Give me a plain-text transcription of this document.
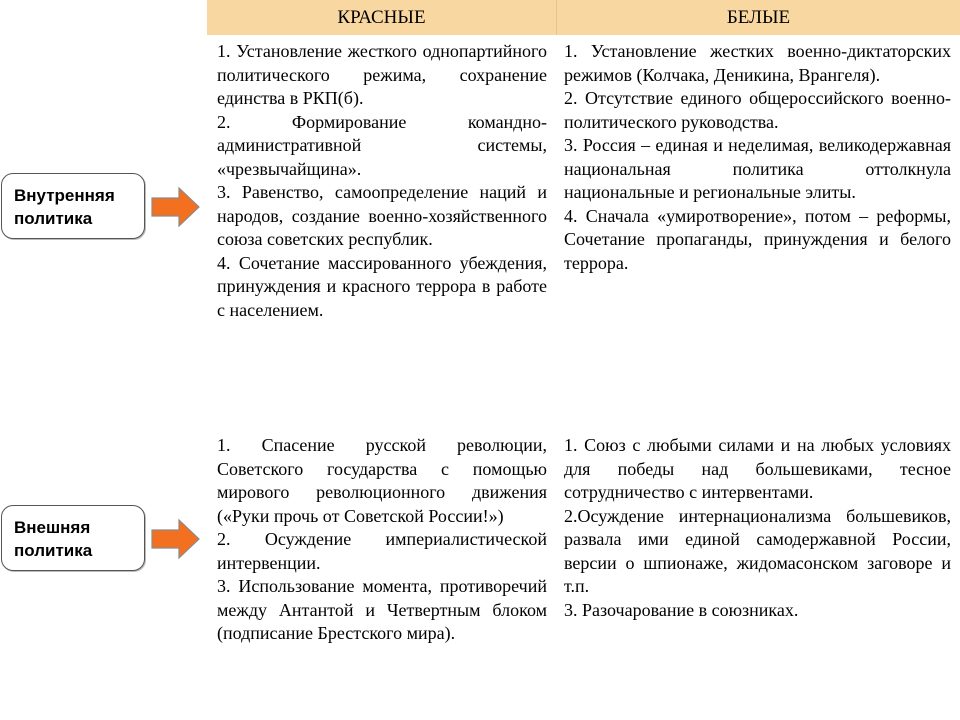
КРАСНЫЕ	БЕЛЫЕ
Внутренняя политика
Внешняя политика

1. Установление жесткого однопартийного политического режима, сохранение единства в РКП(б).

2. Формирование командно-административной системы, «чрезвычайщина».

3. Равенство, самоопределение наций и народов, создание военно-хозяйственного союза советских республик.

4. Сочетание массированного убеждения, принуждения и красного террора в работе с населением.

1. Установление жестких военно-диктаторских режимов (Колчака, Деникина, Врангеля).

2. Отсутствие единого общероссийского военно-политического руководства.

3. Россия – единая и неделимая, великодержавная национальная политика оттолкнула национальные и региональные элиты.

4. Сначала «умиротворение», потом – реформы, Сочетание пропаганды, принуждения и белого террора.

1. Спасение русской революции, Советского государства с помощью мирового революционного движения («Руки прочь от Советской России!»)

2. Осуждение империалистической интервенции.

3. Использование момента, противоречий между Антантой и Четвертным блоком (подписание Брестского мира).

1. Союз с любыми силами и на любых условиях для победы над большевиками, тесное сотрудничество с интервентами.

2.Осуждение интернационализма большевиков, развала ими единой самодержавной России, версии о шпионаже, жидомасонском заговоре и т.п.

3. Разочарование в союзниках.
